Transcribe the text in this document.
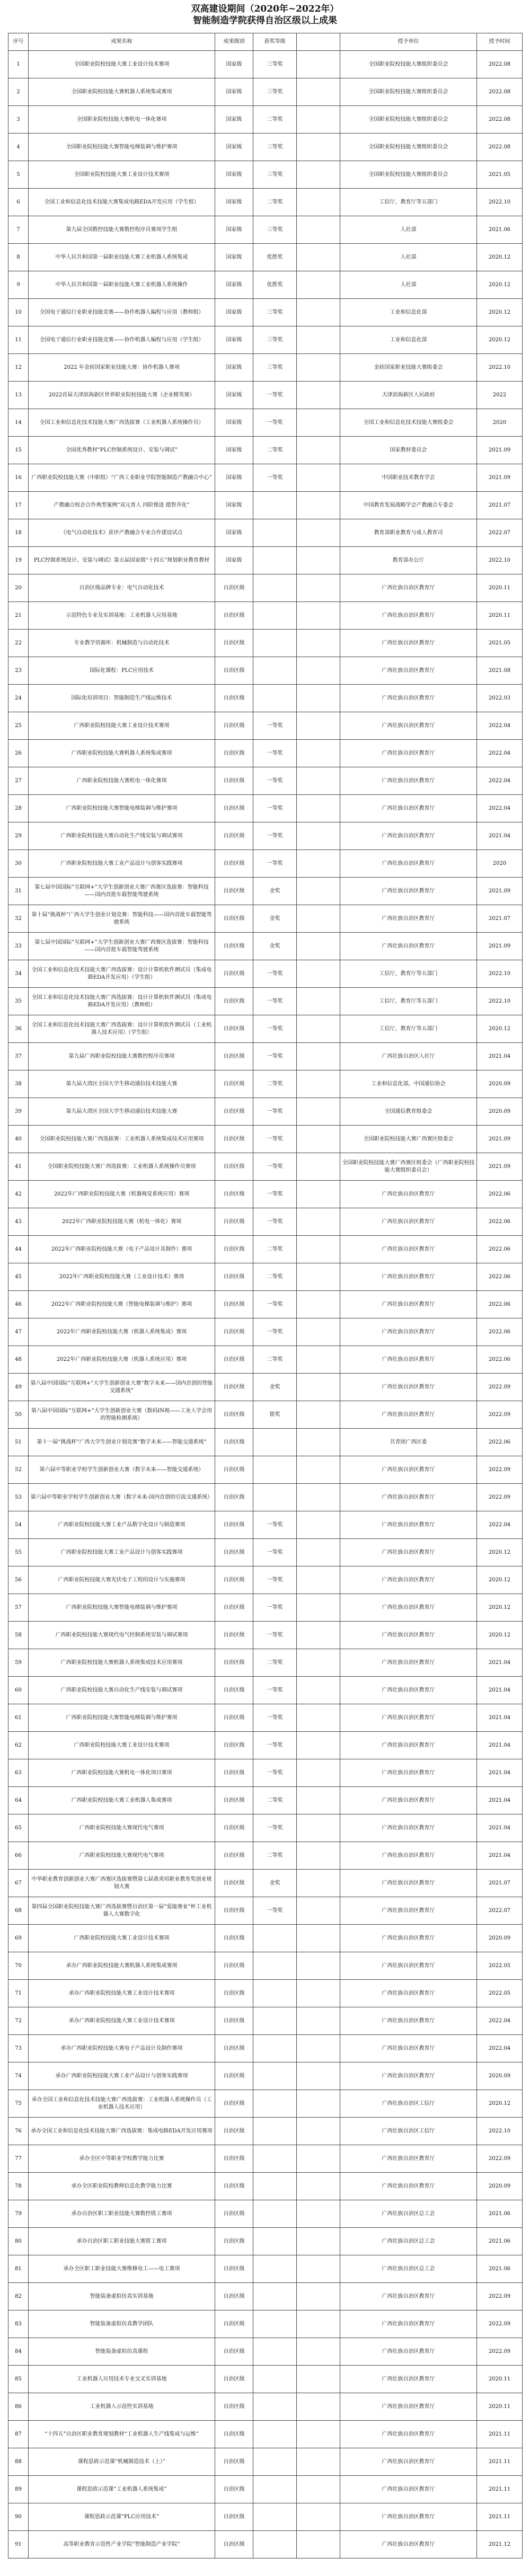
双高建设期间（2020年~2022年）
智能制造学院获得自治区级以上成果
序号	成果名称	成果级别	获奖等级		授予单位	授予时间
1	全国职业院校技能大赛工业设计技术赛项	国家级	三等奖		全国职业院校技能大赛组织委员会	2022.08
2	全国职业院校技能大赛机器人系统集成赛项	国家级	三等奖		全国职业院校技能大赛组织委员会	2022.08
3	全国职业院校技能大赛机电一体化赛项	国家级	二等奖		全国职业院校技能大赛组织委员会	2022.08
4	全国职业院校技能大赛智能电梯装调与维护赛项	国家级	三等奖		全国职业院校技能大赛组织委员会	2022.08
5	全国职业院校技能大赛工业设计技术赛项	国家级	三等奖		全国职业院校技能大赛组织委员会	2021.05
6	全国工业和信息化技术技能大赛集成电路EDA开发应用（学生组）	国家级	二等奖		工信厅，教育厅等五部门	2022.10
7	第九届全国数控技能大赛数控程序员赛项学生组	国家级	三等奖		人社部	2021.06
8	中华人民共和国第一届职业技能大赛工业机器人系统集成	国家级	优胜奖		人社部	2020.12
9	中华人民共和国第一届职业技能大赛工业机器人系统操作	国家级	优胜奖		人社部	2020.12
10	全国电子通信行业职业技能竞赛——协作机器人编程与应用（教师组）	国家级	三等奖		工业和信息化部	2020.12
11	全国电子通信行业职业技能竞赛——协作机器人编程与应用（学生组）	国家级	三等奖		工业和信息化部	2020.12
12	2022 年金砖国家职业技能大赛：协作机器人赛项	国家级	三等奖		金砖国家职业技能大赛组委会	2022.10
13	2022首届天津滨海新区世界职业院校技能大赛（企业精英赛）	国家级	一等奖		天津滨海新区人民政府	2022
14	全国工业和信息化技术技能大赛广西选拔赛（工业机器人系统操作员）	国家级	一等奖		全国工业和信息化技术技能大赛组委会	2020
15	全国优秀教材“PLC控制系统设计、安装与调试”	国家级	二等奖		国家教材委员会	2021.09
16	广西职业院校技能大赛（中职组）“广西工业职业学院智能制造产教融合中心”	国家级	一等奖		中国职业技术教育学会	2021.09
17	产教融合校企合作典型案例“双元育人 四阶推进 德智并化”	国家级			中国教育发展战略学会产教融合专委会	2021.07
18	《电气自动化技术》获评产教融合专业合作建设试点	国家级			教育部职业教育与成人教育司	2022.07
19	PLC控制系统设计、安装与调试》第五届国家级“十四五”规划职业教育教材	国家级			教育部办公厅	2022.10
20	自治区级品牌专业：电气自动化技术	自治区级			广西壮族自治区教育厅	2020.11
21	示范特色专业及实训基地：工业机器人应用基地	自治区级			广西壮族自治区教育厅	2020.11
22	专业教学资源库：机械制造与自动化技术	自治区级			广西壮族自治区教育厅	2021.05
23	国际化课程：PLC应用技术	自治区级			广西壮族自治区教育厅	2021.08
24	国际化培训项目：智能制造生产线运维技术	自治区级			广西壮族自治区教育厅	2022.03
25	广西职业院校技能大赛工业设计技术赛项	自治区级	一等奖		广西壮族自治区教育厅	2022.04
26	广西职业院校技能大赛机器人系统集成赛项	自治区级	一等奖		广西壮族自治区教育厅	2022.04
27	广西职业院校技能大赛机电一体化赛项	自治区级	一等奖		广西壮族自治区教育厅	2022.04
28	广西职业院校技能大赛智能电梯装调与维护赛项	自治区级	一等奖		广西壮族自治区教育厅	2022.04
29	广西职业院校技能大赛自动化生产线安装与调试赛项	自治区级	一等奖		广西壮族自治区教育厅	2021.04
30	广西职业院校技能大赛工业产品设计与创客实践赛项	自治区级	一等奖		广西壮族自治区教育厅	2020
31	第七届中国国际“互联网+”大学生创新创业大赛广西赛区选拔赛：智能科技——国内首批车载智能驾驶系统	自治区级	金奖		广西壮族自治区教育厅	2021.09
32	第十届“挑战杯”广西大学生创业计划竞赛：智能科技——国内首批车载智能驾驶系统	自治区级	金奖		广西壮族自治区教育厅	2021.07
33	第七届中国国际“互联网+”大学生创新创业大赛广西赛区选拔赛：智能科技——国内首批车载智能驾驶系统	自治区级	金奖		广西壮族自治区教育厅	2021.09
34	全国工业和信息化技术技能大赛广西选拔赛：设计计算机软件测试员（集成电路EDA开发应用）（学生组）	自治区级	一等奖		工信厅，教育厅等五部门	2022.10
35	全国工业和信息化技术技能大赛广西选拔赛：设计计算机软件测试员（集成电路EDA开发应用）（教师组）	自治区级	一等奖		工信厅，教育厅等五部门	2022.10
36	全国工业和信息化技术技能大赛广西选拔赛：设计计算机软件测试员（工业机器人技术应用）（学生组）	自治区级	一等奖		工信厅，教育厅等五部门	2020.12
37	第九届广西职业院校技能大赛数控程序员赛项	自治区级	一等奖		广西壮族自治区人社厅	2021.04
38	第九届大湾区全国大学生移动通信技术技能大赛	自治区级	二等奖		工业和信息化部，中国通信协会	2020.09
39	第九届大湾区全国大学生移动通信技术技能大赛	自治区级	一等奖		全国通信教育组委会	2020.09
40	全国职业院校技能大赛广西选拔赛：工业机器人系统集成技术应用赛项	自治区级	一等奖		全国职业院校技能大赛广西赛区组委会	2021.09
41	全国职业院校技能大赛广西选拔赛：工业机器人系统操作员赛项	自治区级	一等奖		全国职业院校技能大赛广西赛区组委会（广西职业院校技能大赛组织委员会）	2021.09
42	2022年广西职业院校技能大赛（机器视觉系统应用）赛项	自治区级	一等奖		广西壮族自治区教育厅	2022.06
43	2022年广西职业院校技能大赛（机电一体化）赛项	自治区级	一等奖		广西壮族自治区教育厅	2022.06
44	2022年广西职业院校技能大赛（电子产品设计及制作）赛项	自治区级	二等奖		广西壮族自治区教育厅	2022.06
45	2022年广西职业院校技能大赛（工业设计技术）赛项	自治区级	二等奖		广西壮族自治区教育厅	2022.06
46	2022年广西职业院校技能大赛（智能电梯装调与维护）赛项	自治区级	一等奖		广西壮族自治区教育厅	2022.06
47	2022年广西职业院校技能大赛（机器人系统集成）赛项	自治区级	一等奖		广西壮族自治区教育厅	2022.06
48	2022年广西职业院校技能大赛（机器人系统应用）赛项	自治区级	二等奖		广西壮族自治区教育厅	2022.06
49	第八届中国国际“互联网+”大学生创新创业大赛“数字未来——国内首创的智能交通系统”	自治区级	金奖		广西壮族自治区教育厅	2022.09
50	第八届中国国际“互联网+”大学生创新创业大赛（数码IN视——工业人学会用的智能检测系统）	自治区级	银奖		广西壮族自治区教育厅	2022.09
51	第十一届“挑战杯”广西大学生创业计划竞赛“数字未来——智能交通系统”	自治区级			共青团广西区委	2022.06
52	第六届中等职业学校学生创新创业大赛（数字未来——智能交通系统）	自治区级			广西壮族自治区教育厅	2022.09
53	第六届中等职业学校学生创新创业大赛（数字未来-国内首创的引流交通系统）	自治区级			广西壮族自治区教育厅	2022.09
54	广西职业院校技能大赛工业产品数字化设计与制造赛项	自治区级	一等奖		广西壮族自治区教育厅	2022.04
55	广西职业院校技能大赛工业产品设计与创客实践赛项	自治区级	一等奖		广西壮族自治区教育厅	2020.12
56	广西职业院校技能大赛光伏电子工程的设计与实施赛项	自治区级	一等奖		广西壮族自治区教育厅	2020.12
57	广西职业院校技能大赛智能电梯装调与维护赛项	自治区级	一等奖		广西壮族自治区教育厅	2020.12
58	广西职业院校技能大赛现代电气控制系统安装与调试赛项	自治区级	一等奖		广西壮族自治区教育厅	2020.12
59	广西职业院校技能大赛机器人系统集成技术应用赛项	自治区级	二等奖		广西壮族自治区教育厅	2021.04
60	广西职业院校技能大赛自动化生产线安装与调试赛项	自治区级	一等奖		广西壮族自治区教育厅	2021.04
61	广西职业院校技能大赛智能电梯装调与维护赛项	自治区级	一等奖		广西壮族自治区教育厅	2021.04
62	广西职业院校技能大赛工业设计技术赛项	自治区级	一等奖		广西壮族自治区教育厅	2021.04
63	广西职业院校技能大赛机电一体化项目赛项	自治区级	一等奖		广西壮族自治区教育厅	2021.04
64	广西职业院校技能大赛工业机器人集成赛项	自治区级	二等奖		广西壮族自治区教育厅	2021.04
65	广西职业院校技能大赛现代电气赛项	自治区级	一等奖		广西壮族自治区教育厅	2021.04
66	广西职业院校技能大赛现代电气赛项	自治区级	二等奖		广西壮族自治区教育厅	2021.04
67	中华职业教育创新创业大赛广西赛区选拔赛暨第七届黄炎培职业教育奖创业规划大赛	自治区级	金奖		广西壮族自治区教育厅	2021.07
68	第四届全国职业院校技能大赛广西选拔赛暨自治区第一届“爱能赛业”杯工业机器人大赛数字化	自治区级	一等奖		广西壮族自治区教育厅	2022.07
69	广西职业院校技能大赛工业设计技术赛项	自治区级			广西壮族自治区教育厅	2020.09
70	承办广西职业院校技能大赛机器人系统集成赛项	自治区级			广西壮族自治区教育厅	2022.05
71	承办广西职业院校技能大赛工业设计技术赛项	自治区级			广西壮族自治区教育厅	2022.05
72	承办广西职业院校技能大赛工业设计技术赛项	自治区级			广西壮族自治区教育厅	2022.04
73	承办广西职业院校技能大赛电子产品设计及制作赛项	自治区级			广西壮族自治区教育厅	2022.04
74	承办广西职业院校技能大赛工业产品设计与创客实践赛项	自治区级			广西壮族自治区教育厅	2020.09
75	承办全国工业和信息化技术技能大赛广西选拔赛：工业机器人系统操作员（工业机器人技术应用）	自治区级			广西壮族自治区工信厅	2020.12
76	承办全国工业和信息化技术技能大赛广西选拔赛：集成电路EDA开发应用赛项	自治区级			广西壮族自治区工信厅	2022.10
77	承办全区中等职业学校教学能力比赛	自治区级			广西壮族自治区教育厅	2022.09
78	承办全区职业院校教师信息化教学能力比赛	自治区级			广西壮族自治区教育厅	2020.09
79	承办自治区职工职业技能大赛数控铣工赛项	自治区级			广西壮族自治区总工会	2021.06
80	承办自治区职工职业技能大赛钳工赛项	自治区级			广西壮族自治区总工会	2021.06
81	承办全区职工职业技能大赛维修电工——电工赛项	自治区级			广西壮族自治区总工会	2021.06
82	智能装备虚拟仿真实训基地	自治区级			广西壮族自治区教育厅	2022.09
83	智能装备虚拟仿真教学团队	自治区级			广西壮族自治区教育厅	2022.09
84	智能装备虚拟仿真课程	自治区级			广西壮族自治区教育厅	2022.09
85	工业机器人应用技术专业交叉实训基地	自治区级			广西壮族自治区教育厅	2020.11
86	工业机器人示范性实训基地	自治区级			广西壮族自治区教育厅	2020.11
87	“十四五”自治区职业教育规划教材“工业机器人生产线集成与运维”	自治区级			广西壮族自治区教育厅	2021.11
88	课程思政示范课“机械制造技术（上）”	自治区级			广西壮族自治区教育厅	2021.11
89	课程思政示范课“工业机器人系统集成”	自治区级			广西壮族自治区教育厅	2021.11
90	课程思政示范课“PLC应用技术”	自治区级			广西壮族自治区教育厅	2021.11
91	高等职业教育示范性产业学院“智能制造产业学院”	自治区级			广西壮族自治区教育厅	2021.12
